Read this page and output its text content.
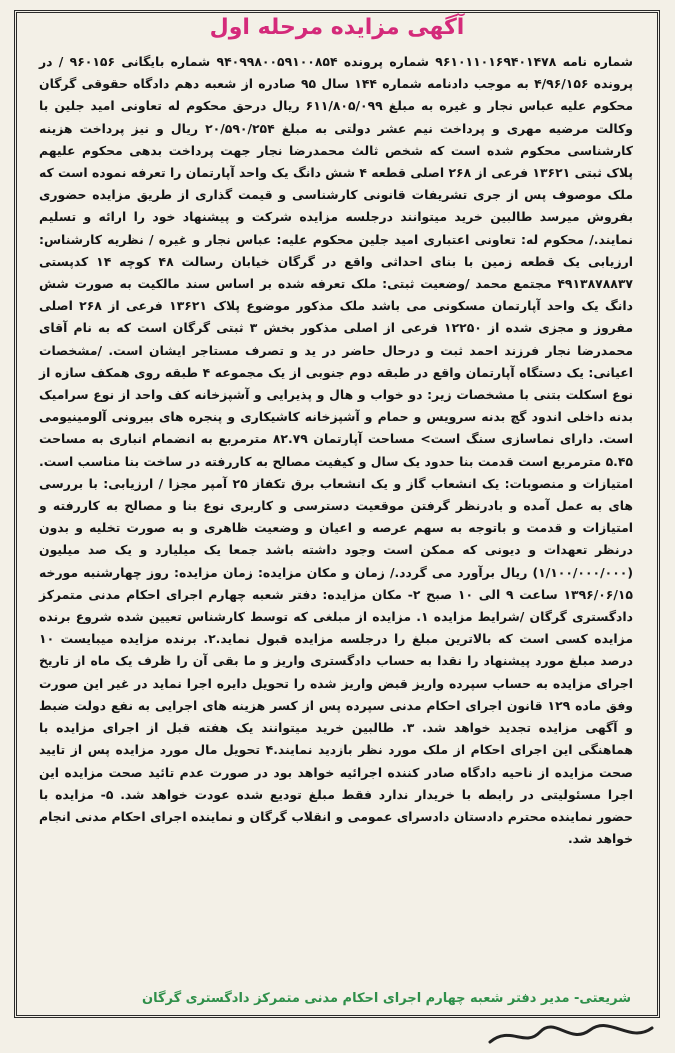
آگهی مزایده مرحله اول
شماره نامه ۹۶۱۰۱۱۰۱۶۹۴۰۱۴۷۸ شماره پرونده ۹۴۰۹۹۸۰۰۵۹۱۰۰۸۵۴ شماره بایگانی ۹۶۰۱۵۶ / در پرونده ۴/۹۶/۱۵۶ به موجب دادنامه شماره ۱۴۴ سال ۹۵ صادره از شعبه دهم دادگاه حقوقی گرگان محکوم علیه عباس نجار و غیره به مبلغ ۶۱۱/۸۰۵/۰۹۹ ریال درحق محکوم له تعاونی امید جلین با وکالت مرضیه مهری و پرداخت نیم عشر دولتی به مبلغ ۲۰/۵۹۰/۲۵۴ ریال و نیز پرداخت هزینه کارشناسی محکوم شده است که شخص ثالث محمدرضا نجار جهت پرداخت بدهی محکوم علیهم پلاک ثبتی ۱۳۶۲۱ فرعی از ۲۶۸ اصلی قطعه ۴ شش دانگ یک واحد آپارتمان را تعرفه نموده است که ملک موصوف پس از جری تشریفات قانونی کارشناسی و قیمت گذاری از طریق مزایده حضوری بفروش میرسد طالبین خرید میتوانند درجلسه مزایده شرکت و پیشنهاد خود را ارائه و تسلیم نمایند./ محکوم له: تعاونی اعتباری امید جلین محکوم علیه: عباس نجار و غیره / نظریه کارشناس: ارزیابی یک قطعه زمین با بنای احداثی واقع در گرگان خیابان رسالت ۴۸ کوچه ۱۴ کدپستی ۴۹۱۳۸۷۸۸۳۷ مجتمع محمد /وضعیت ثبتی: ملک تعرفه شده بر اساس سند مالکیت به صورت شش دانگ یک واحد آپارتمان مسکونی می باشد ملک مذکور موضوع پلاک ۱۳۶۲۱ فرعی از ۲۶۸ اصلی مفروز و مجزی شده از ۱۲۲۵۰ فرعی از اصلی مذکور بخش ۳ ثبتی گرگان است که به نام آقای محمدرضا نجار فرزند احمد ثبت و درحال حاضر در ید و تصرف مستاجر ایشان است. /مشخصات اعیانی: یک دستگاه آپارتمان واقع در طبقه دوم جنوبی از یک مجموعه ۴ طبقه روی همکف سازه از نوع اسکلت بتنی با مشخصات زیر: دو خواب و هال و پذیرایی و آشپزخانه کف واحد از نوع سرامیک بدنه داخلی اندود گچ بدنه سرویس و حمام و آشپزخانه کاشیکاری و پنجره های بیرونی آلومینیومی است. دارای نماسازی سنگ است> مساحت آپارتمان ۸۲.۷۹ مترمربع به انضمام انباری به مساحت ۵.۴۵ مترمربع است قدمت بنا حدود یک سال و کیفیت مصالح به کاررفته در ساخت بنا مناسب است. امتیازات و منصوبات: یک انشعاب گاز و یک انشعاب برق تکفاز ۲۵ آمپر مجزا / ارزیابی: با بررسی های به عمل آمده و بادرنظر گرفتن موقعیت دسترسی و کاربری نوع بنا و مصالح به کاررفته و امتیازات و قدمت و باتوجه به سهم عرصه و اعیان و وضعیت ظاهری و به صورت تخلیه و بدون درنظر تعهدات و دیونی که ممکن است وجود داشته باشد جمعا یک میلیارد و یک صد میلیون (۱/۱۰۰/۰۰۰/۰۰۰) ریال برآورد می گردد./ زمان و مکان مزایده: زمان مزایده: روز چهارشنبه مورخه ۱۳۹۶/۰۶/۱۵ ساعت ۹ الی ۱۰ صبح ۲- مکان مزایده: دفتر شعبه چهارم اجرای احکام مدنی متمرکز دادگستری گرگان /شرایط مزایده ۱. مزایده از مبلغی که توسط کارشناس تعیین شده شروع برنده مزایده کسی است که بالاترین مبلغ را درجلسه مزایده قبول نماید.۲. برنده مزایده میبایست ۱۰ درصد مبلغ مورد پیشنهاد را نقدا به حساب دادگستری واریز و ما بقی آن را ظرف یک ماه از تاریخ اجرای مزایده به حساب سپرده واریز قبض واریز شده را تحویل دایره اجرا نماید در غیر این صورت وفق ماده ۱۲۹ قانون اجرای احکام مدنی سپرده پس از کسر هزینه های اجرایی به نفع دولت ضبط و آگهی مزایده تجدید خواهد شد. ۳. طالبین خرید میتوانند یک هفته قبل از اجرای مزایده با هماهنگی این اجرای احکام از ملک مورد نظر بازدید نمایند.۴ تحویل مال مورد مزایده پس از تایید صحت مزایده از ناحیه دادگاه صادر کننده اجرائیه خواهد بود در صورت عدم تائید صحت مزایده این اجرا مسئولیتی در رابطه با خریدار ندارد فقط مبلغ تودیع شده عودت خواهد شد. ۵- مزایده با حضور نماینده محترم دادستان دادسرای عمومی و انقلاب گرگان و نماینده اجرای احکام مدنی انجام خواهد شد.
شریعتی- مدیر دفتر شعبه چهارم اجرای احکام مدنی متمرکز دادگستری گرگان
